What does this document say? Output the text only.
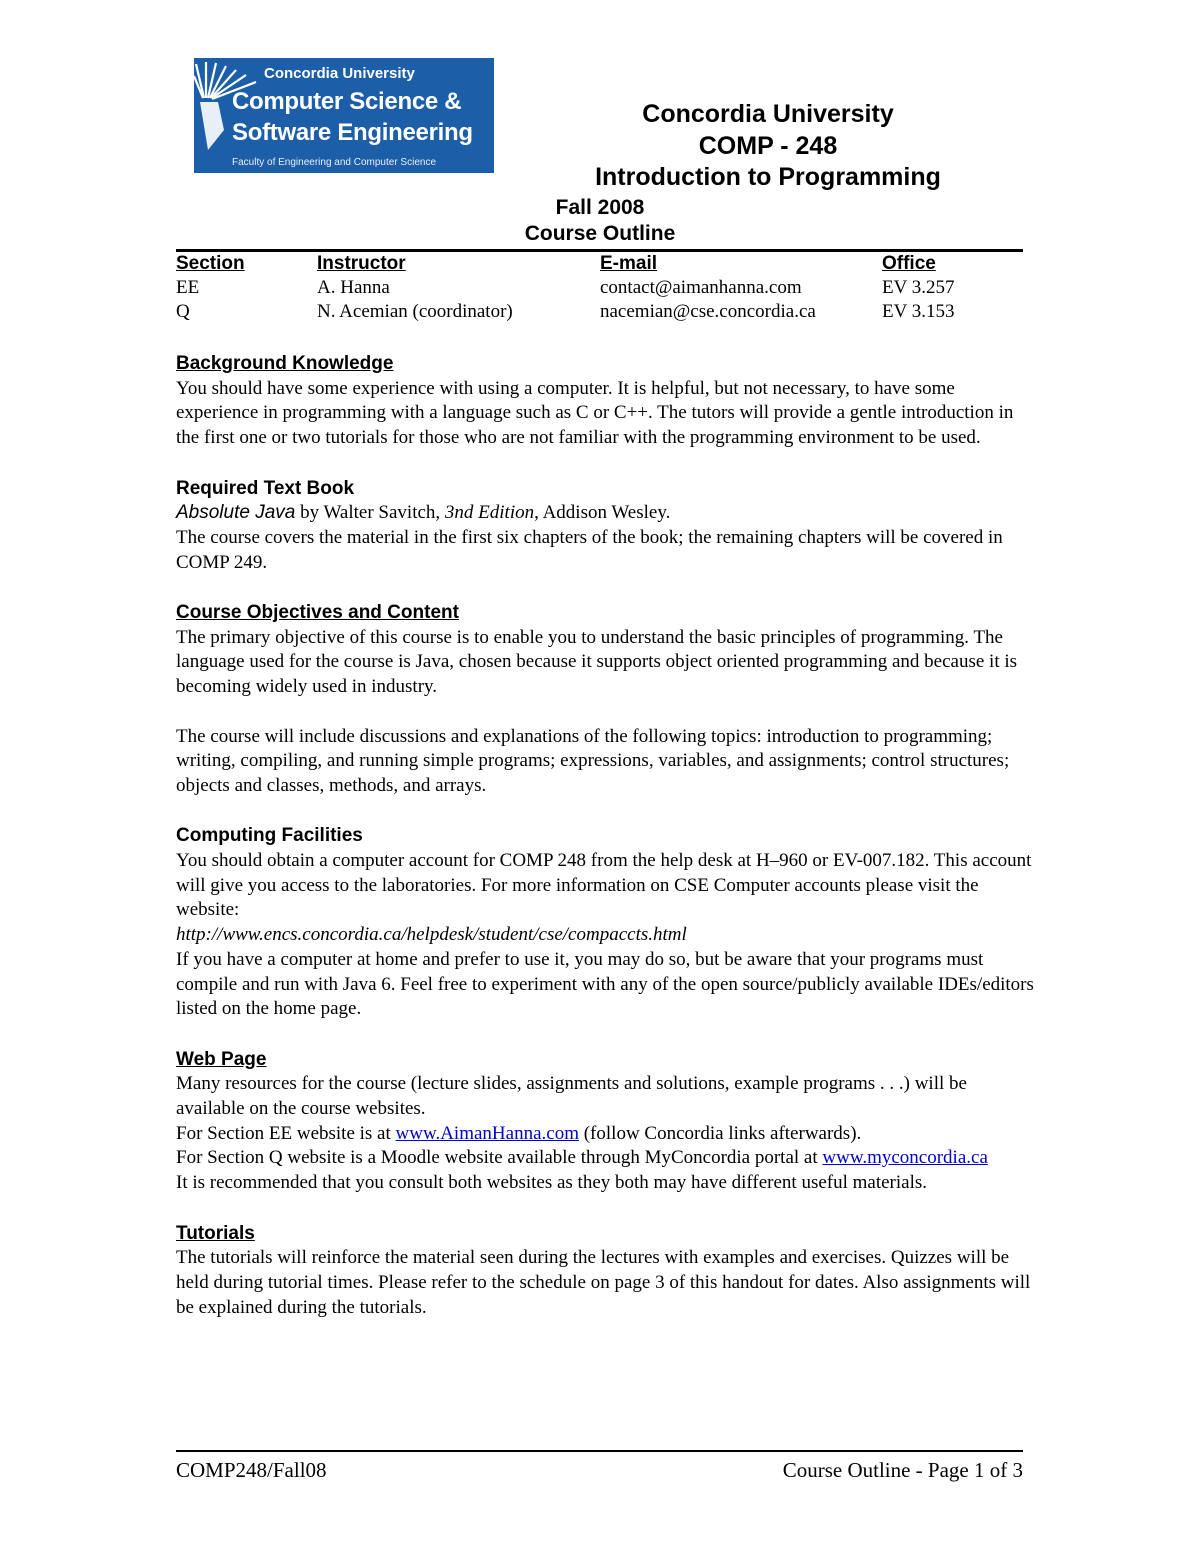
Concordia University
Computer Science &
Software Engineering
Faculty of Engineering and Computer Science
Concordia University
COMP - 248
Introduction to Programming
Fall 2008
Course Outline
Section	Instructor	E-mail	Office
EE	A. Hanna	contact@aimanhanna.com	EV 3.257
Q	N. Acemian (coordinator)	nacemian@cse.concordia.ca	EV 3.153
Background Knowledge

You should have some experience with using a computer. It is helpful, but not necessary, to have some experience in programming with a language such as C or C++. The tutors will provide a gentle introduction in the first one or two tutorials for those who are not familiar with the programming environment to be used.

Required Text Book

Absolute Java by Walter Savitch, 3nd Edition, Addison Wesley.

The course covers the material in the first six chapters of the book; the remaining chapters will be covered in COMP 249.

Course Objectives and Content

The primary objective of this course is to enable you to understand the basic principles of programming. The language used for the course is Java, chosen because it supports object oriented programming and because it is becoming widely used in industry.

The course will include discussions and explanations of the following topics: introduction to programming; writing, compiling, and running simple programs; expressions, variables, and assignments; control structures; objects and classes, methods, and arrays.

Computing Facilities

You should obtain a computer account for COMP 248 from the help desk at H–960 or EV-007.182. This account will give you access to the laboratories. For more information on CSE Computer accounts please visit the website:

http://www.encs.concordia.ca/helpdesk/student/cse/compaccts.html

If you have a computer at home and prefer to use it, you may do so, but be aware that your programs must compile and run with Java 6. Feel free to experiment with any of the open source/publicly available IDEs/editors listed on the home page.

Web Page

Many resources for the course (lecture slides, assignments and solutions, example programs . . .) will be available on the course websites.

For Section EE website is at www.AimanHanna.com (follow Concordia links afterwards).

For Section Q website is a Moodle website available through MyConcordia portal at www.myconcordia.ca

It is recommended that you consult both websites as they both may have different useful materials.

Tutorials

The tutorials will reinforce the material seen during the lectures with examples and exercises. Quizzes will be held during tutorial times. Please refer to the schedule on page 3 of this handout for dates. Also assignments will be explained during the tutorials.

COMP248/Fall08	Course Outline - Page 1 of 3
